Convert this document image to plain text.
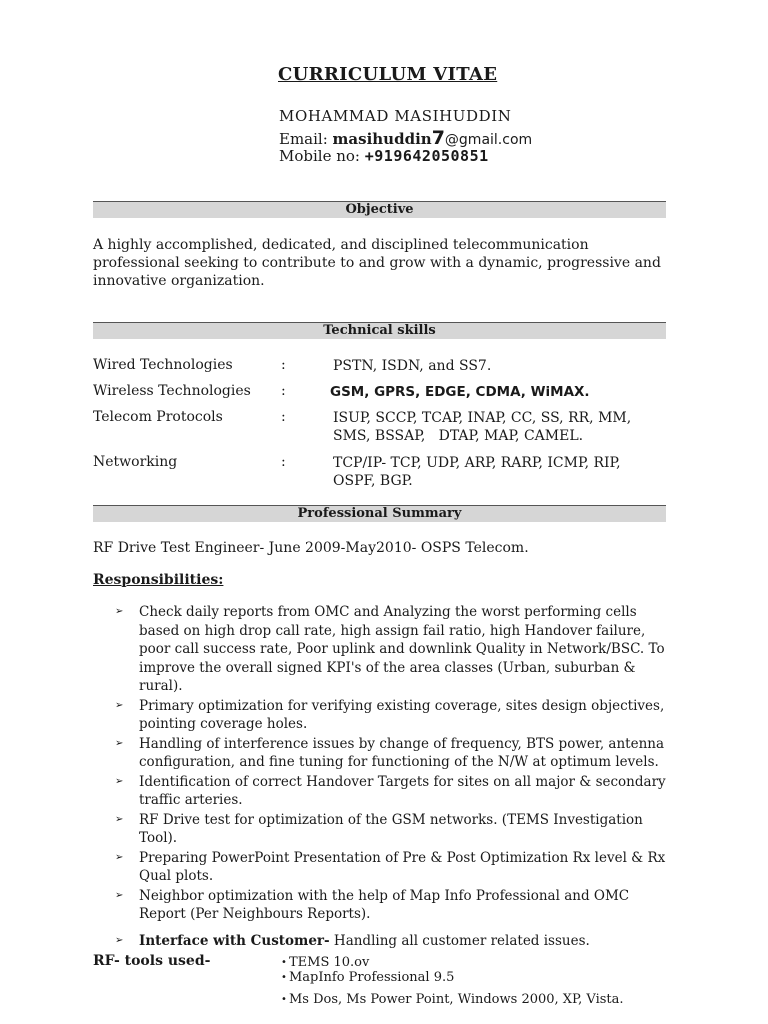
CURRICULUM VITAE
MOHAMMAD MASIHUDDIN
Email: masihuddin7@gmail.com
Mobile no: +919642050851
Objective
A highly accomplished, dedicated, and disciplined telecommunication professional seeking to contribute to and grow with a dynamic, progressive and innovative organization.
Technical skills
Wired Technologies	:	PSTN, ISDN, and SS7.
Wireless Technologies :	GSM, GPRS, EDGE, CDMA, WiMAX.
Telecom Protocols	:	ISUP, SCCP, TCAP, INAP, CC, SS, RR, MM, SMS, BSSAP,   DTAP, MAP, CAMEL.
Networking	:	TCP/IP- TCP, UDP, ARP, RARP, ICMP, RIP, OSPF, BGP.
Professional Summary
RF Drive Test Engineer- June 2009-May2010- OSPS Telecom.
Responsibilities:
➢ Check daily reports from OMC and Analyzing the worst performing cells based on high drop call rate, high assign fail ratio, high Handover failure, poor call success rate, Poor uplink and downlink Quality in Network/BSC. To improve the overall signed KPI's of the area classes (Urban, suburban & rural).
➢ Primary optimization for verifying existing coverage, sites design objectives, pointing coverage holes.
➢ Handling of interference issues by change of frequency, BTS power, antenna configuration, and fine tuning for functioning of the N/W at optimum levels.
➢ Identification of correct Handover Targets for sites on all major & secondary traffic arteries.
➢ RF Drive test for optimization of the GSM networks. (TEMS Investigation Tool).
➢ Preparing PowerPoint Presentation of Pre & Post Optimization Rx level & Rx Qual plots.
➢ Neighbor optimization with the help of Map Info Professional and OMC Report (Per Neighbours Reports).
➢ Interface with Customer- Handling all customer related issues.
RF- tools used-	• TEMS 10.ov
• MapInfo Professional 9.5
• Ms Dos, Ms Power Point, Windows 2000, XP, Vista.
